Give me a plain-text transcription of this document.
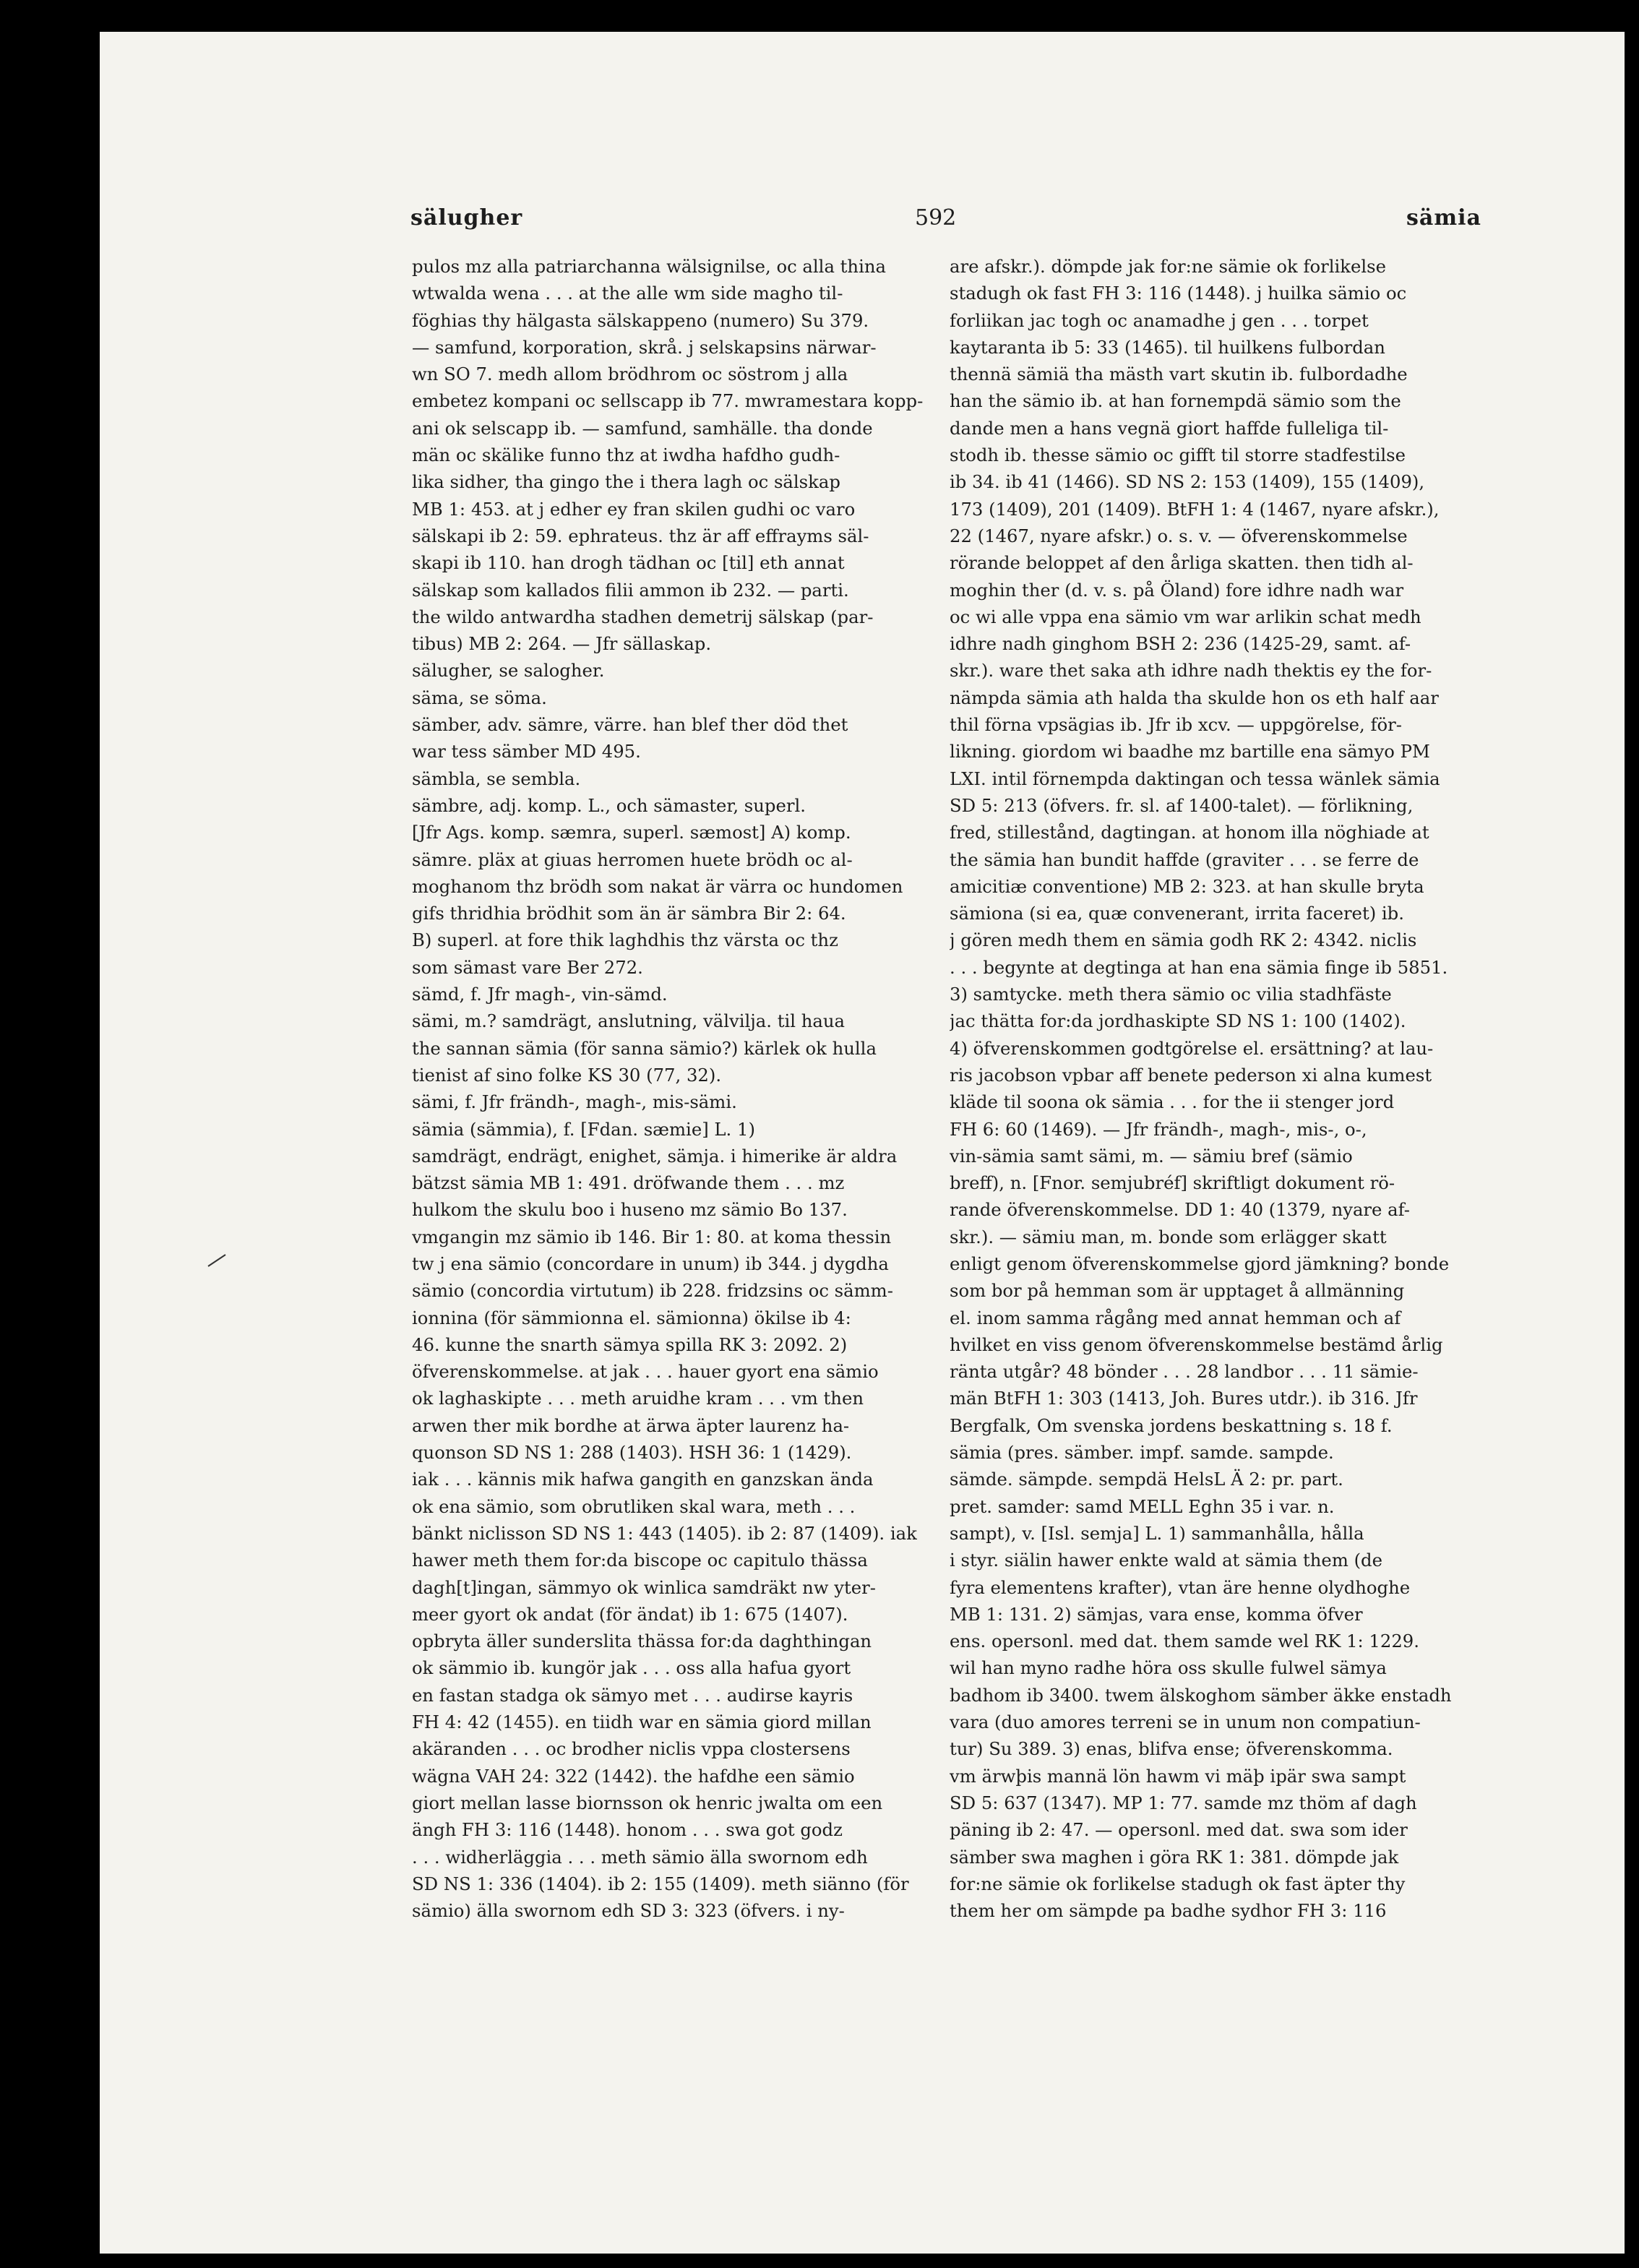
sälugher	592	sämia
pulos mz alla patriarchanna wälsignilse, oc alla thina
wtwalda wena . . . at the alle wm side magho til-
föghias thy hälgasta sälskappeno (numero) Su 379.
— samfund, korporation, skrå. j selskapsins närwar-
wn SO 7. medh allom brödhrom oc söstrom j alla
embetez kompani oc sellscapp ib 77. mwramestara kopp-
ani ok selscapp ib. — samfund, samhälle. tha donde
män oc skälike funno thz at iwdha hafdho gudh-
lika sidher, tha gingo the i thera lagh oc sälskap
MB 1: 453. at j edher ey fran skilen gudhi oc varo
sälskapi ib 2: 59. ephrateus. thz är aff effrayms säl-
skapi ib 110. han drogh tädhan oc [til] eth annat
sälskap som kallados filii ammon ib 232. — parti.
the wildo antwardha stadhen demetrij sälskap (par-
tibus) MB 2: 264. — Jfr sällaskap.
sälugher, se salogher.
säma, se söma.
sämber, adv. sämre, värre. han blef ther död thet
war tess sämber MD 495.
sämbla, se sembla.
sämbre, adj. komp. L., och sämaster, superl.
[Jfr Ags. komp. sæmra, superl. sæmost] A) komp.
sämre. pläx at giuas herromen huete brödh oc al-
moghanom thz brödh som nakat är värra oc hundomen
gifs thridhia brödhit som än är sämbra Bir 2: 64.
B) superl. at fore thik laghdhis thz värsta oc thz
som sämast vare Ber 272.
sämd, f. Jfr magh-, vin-sämd.
sämi, m.? samdrägt, anslutning, välvilja. til haua
the sannan sämia (för sanna sämio?) kärlek ok hulla
tienist af sino folke KS 30 (77, 32).
sämi, f. Jfr frändh-, magh-, mis-sämi.
sämia (sämmia), f. [Fdan. sæmie] L. 1)
samdrägt, endrägt, enighet, sämja. i himerike är aldra
bätzst sämia MB 1: 491. dröfwande them . . . mz
hulkom the skulu boo i huseno mz sämio Bo 137.
vmgangin mz sämio ib 146. Bir 1: 80. at koma thessin
tw j ena sämio (concordare in unum) ib 344. j dygdha
sämio (concordia virtutum) ib 228. fridzsins oc sämm-
ionnina (för sämmionna el. sämionna) ökilse ib 4:
46. kunne the snarth sämya spilla RK 3: 2092. 2)
öfverenskommelse. at jak . . . hauer gyort ena sämio
ok laghaskipte . . . meth aruidhe kram . . . vm then
arwen ther mik bordhe at ärwa äpter laurenz ha-
quonson SD NS 1: 288 (1403). HSH 36: 1 (1429).
iak . . . kännis mik hafwa gangith en ganzskan ända
ok ena sämio, som obrutliken skal wara, meth . . .
bänkt niclisson SD NS 1: 443 (1405). ib 2: 87 (1409). iak
hawer meth them for:da biscope oc capitulo thässa
dagh[t]ingan, sämmyo ok winlica samdräkt nw yter-
meer gyort ok andat (för ändat) ib 1: 675 (1407).
opbryta äller sunderslita thässa for:da daghthingan
ok sämmio ib. kungör jak . . . oss alla hafua gyort
en fastan stadga ok sämyo met . . . audirse kayris
FH 4: 42 (1455). en tiidh war en sämia giord millan
akäranden . . . oc brodher niclis vppa clostersens
wägna VAH 24: 322 (1442). the hafdhe een sämio
giort mellan lasse biornsson ok henric jwalta om een
ängh FH 3: 116 (1448). honom . . . swa got godz
. . . widherläggia . . . meth sämio älla swornom edh
SD NS 1: 336 (1404). ib 2: 155 (1409). meth siänno (för
sämio) älla swornom edh SD 3: 323 (öfvers. i ny-
are afskr.). dömpde jak for:ne sämie ok forlikelse
stadugh ok fast FH 3: 116 (1448). j huilka sämio oc
forliikan jac togh oc anamadhe j gen . . . torpet
kaytaranta ib 5: 33 (1465). til huilkens fulbordan
thennä sämiä tha mästh vart skutin ib. fulbordadhe
han the sämio ib. at han fornempdä sämio som the
dande men a hans vegnä giort haffde fulleliga til-
stodh ib. thesse sämio oc gifft til storre stadfestilse
ib 34. ib 41 (1466). SD NS 2: 153 (1409), 155 (1409),
173 (1409), 201 (1409). BtFH 1: 4 (1467, nyare afskr.),
22 (1467, nyare afskr.) o. s. v. — öfverenskommelse
rörande beloppet af den årliga skatten. then tidh al-
moghin ther (d. v. s. på Öland) fore idhre nadh war
oc wi alle vppa ena sämio vm war arlikin schat medh
idhre nadh ginghom BSH 2: 236 (1425-29, samt. af-
skr.). ware thet saka ath idhre nadh thektis ey the for-
nämpda sämia ath halda tha skulde hon os eth half aar
thil förna vpsägias ib. Jfr ib xcv. — uppgörelse, för-
likning. giordom wi baadhe mz bartille ena sämyo PM
LXI. intil förnempda daktingan och tessa wänlek sämia
SD 5: 213 (öfvers. fr. sl. af 1400-talet). — förlikning,
fred, stillestånd, dagtingan. at honom illa nöghiade at
the sämia han bundit haffde (graviter . . . se ferre de
amicitiæ conventione) MB 2: 323. at han skulle bryta
sämiona (si ea, quæ convenerant, irrita faceret) ib.
j gören medh them en sämia godh RK 2: 4342. niclis
. . . begynte at degtinga at han ena sämia finge ib 5851.
3) samtycke. meth thera sämio oc vilia stadhfäste
jac thätta for:da jordhaskipte SD NS 1: 100 (1402).
4) öfverenskommen godtgörelse el. ersättning? at lau-
ris jacobson vpbar aff benete pederson xi alna kumest
kläde til soona ok sämia . . . for the ii stenger jord
FH 6: 60 (1469). — Jfr frändh-, magh-, mis-, o-,
vin-sämia samt sämi, m. — sämiu bref (sämio
breff), n. [Fnor. semjubréf] skriftligt dokument rö-
rande öfverenskommelse. DD 1: 40 (1379, nyare af-
skr.). — sämiu man, m. bonde som erlägger skatt
enligt genom öfverenskommelse gjord jämkning? bonde
som bor på hemman som är upptaget å allmänning
el. inom samma rågång med annat hemman och af
hvilket en viss genom öfverenskommelse bestämd årlig
ränta utgår? 48 bönder . . . 28 landbor . . . 11 sämie-
män BtFH 1: 303 (1413, Joh. Bures utdr.). ib 316. Jfr
Bergfalk, Om svenska jordens beskattning s. 18 f.
sämia (pres. sämber. impf. samde. sampde.
sämde. sämpde. sempdä HelsL Ä 2: pr. part.
pret. samder: samd MELL Eghn 35 i var. n.
sampt), v. [Isl. semja] L. 1) sammanhålla, hålla
i styr. siälin hawer enkte wald at sämia them (de
fyra elementens krafter), vtan äre henne olydhoghe
MB 1: 131. 2) sämjas, vara ense, komma öfver
ens. opersonl. med dat. them samde wel RK 1: 1229.
wil han myno radhe höra oss skulle fulwel sämya
badhom ib 3400. twem älskoghom sämber äkke enstadh
vara (duo amores terreni se in unum non compatiun-
tur) Su 389. 3) enas, blifva ense; öfverenskomma.
vm ärwþis mannä lön hawm vi mäþ ipär swa sampt
SD 5: 637 (1347). MP 1: 77. samde mz thöm af dagh
päning ib 2: 47. — opersonl. med dat. swa som ider
sämber swa maghen i göra RK 1: 381. dömpde jak
for:ne sämie ok forlikelse stadugh ok fast äpter thy
them her om sämpde pa badhe sydhor FH 3: 116
